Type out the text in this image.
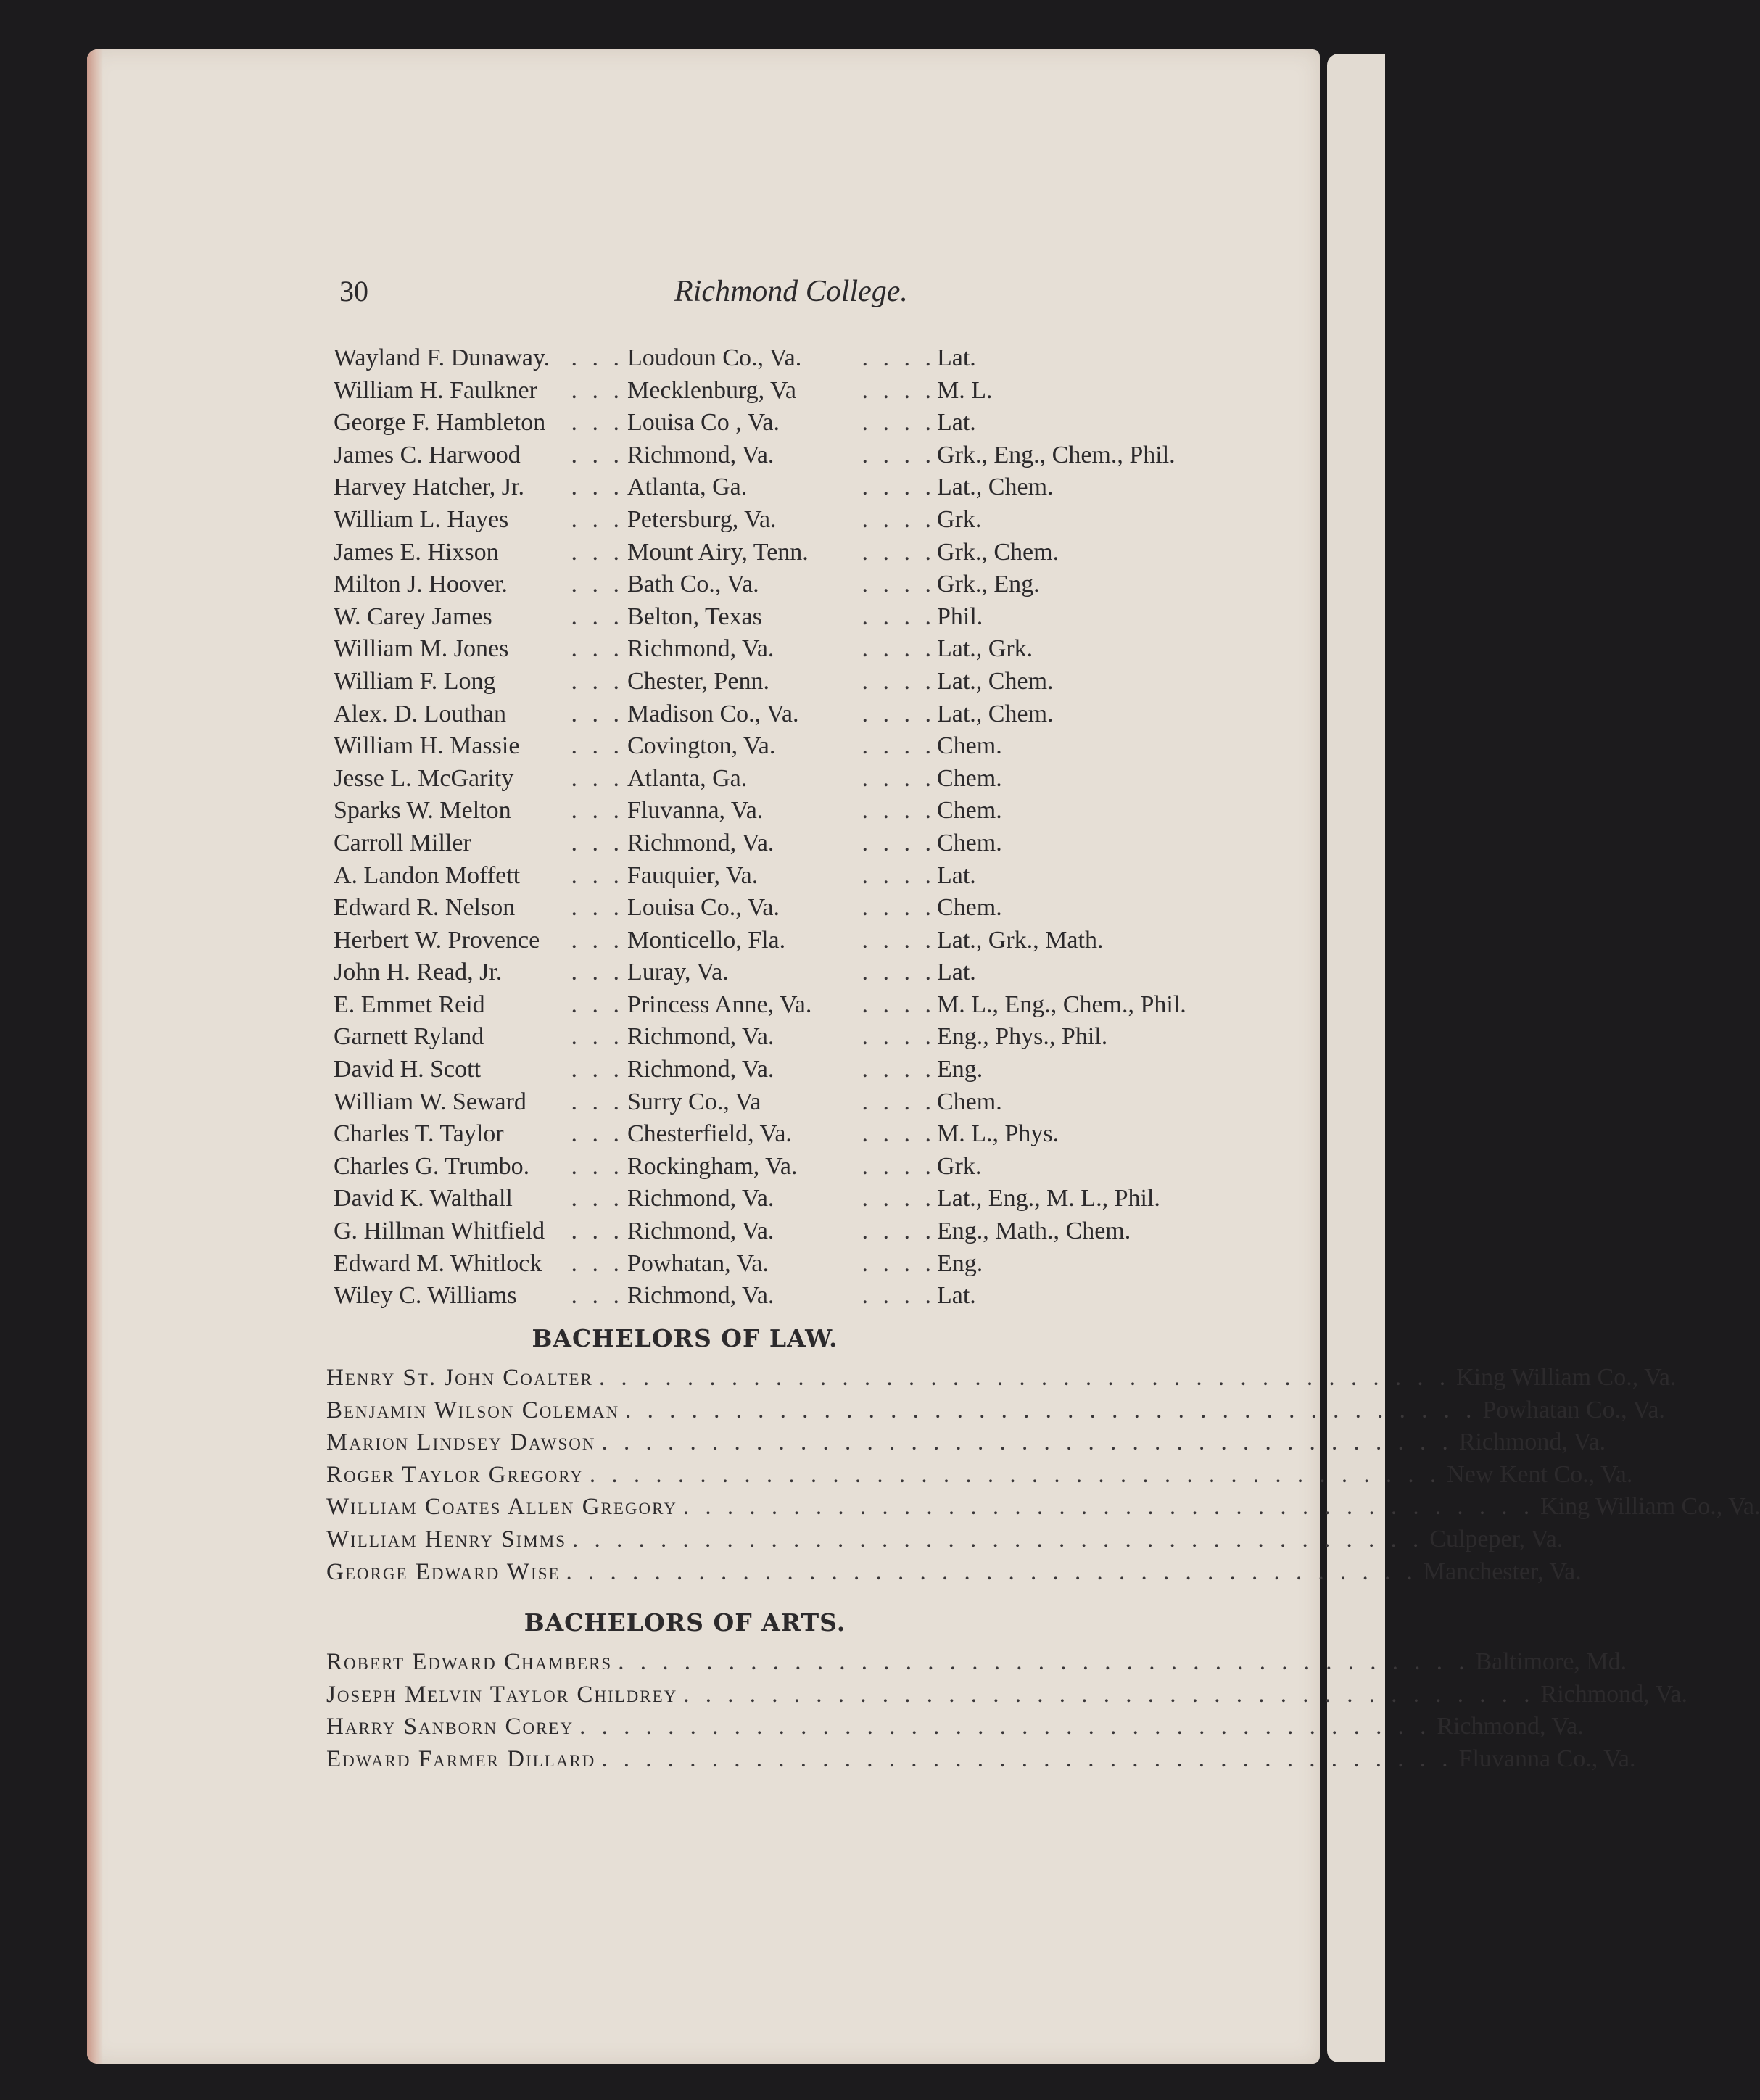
30	Richmond College.
Wayland F. Dunaway. . . . Loudoun Co., Va. . . . . Lat.
William H. Faulkner	. . . Mecklenburg, Va	. . . . M. L.
George F. Hambleton	. . . Louisa Co , Va.	. . . . Lat.
James C. Harwood	. . . Richmond, Va.	. . . . Grk., Eng., Chem., Phil.
Harvey Hatcher, Jr.	. . . Atlanta, Ga.	. . . . Lat., Chem.
William L. Hayes	. . . Petersburg, Va.	. . . . Grk.
James E. Hixson	. . . Mount Airy, Tenn. . . . . Grk., Chem.
Milton J. Hoover.	. . . Bath Co., Va.	. . . . Grk., Eng.
W. Carey James	. . . Belton, Texas	. . . . Phil.
William M. Jones	. . . Richmond, Va.	. . . . Lat., Grk.
William F. Long	. . . Chester, Penn.	. . . . Lat., Chem.
Alex. D. Louthan	. . . Madison Co., Va.	. . . . Lat., Chem.
William H. Massie	. . . Covington, Va.	. . . . Chem.
Jesse L. McGarity	. . . Atlanta, Ga.	. . . . Chem.
Sparks W. Melton	. . . Fluvanna, Va.	. . . . Chem.
Carroll Miller	. . . Richmond, Va.	. . . . Chem.
A. Landon Moffett	. . . Fauquier, Va.	. . . . Lat.
Edward R. Nelson	. . . Louisa Co., Va.	. . . . Chem.
Herbert W. Provence	. . . Monticello, Fla.	. . . . Lat., Grk., Math.
John H. Read, Jr.	. . . Luray, Va.	. . . . Lat.
E. Emmet Reid	. . . Princess Anne, Va. . . . . M. L., Eng., Chem., Phil.
Garnett Ryland	. . . Richmond, Va.	. . . . Eng., Phys., Phil.
David H. Scott	. . . Richmond, Va.	. . . . Eng.
William W. Seward	. . . Surry Co., Va	. . . . Chem.
Charles T. Taylor	. . . Chesterfield, Va.	. . . . M. L., Phys.
Charles G. Trumbo.	. . . Rockingham, Va.	. . . . Grk.
David K. Walthall	. . . Richmond, Va.	. . . . Lat., Eng., M. L., Phil.
G. Hillman Whitfield	. . . Richmond, Va.	. . . . Eng., Math., Chem.
Edward M. Whitlock	. . . Powhatan, Va.	. . . . Eng.
Wiley C. Williams	. . . Richmond, Va.	. . . . Lat.
BACHELORS OF LAW.
Henry St. John Coalter . . . . . . . . . . . . . . . . . . . . . . . . . . . . . . . . . . . . . . . King William Co., Va.
Benjamin Wilson Coleman . . . . . . . . . . . . . . . . . . . . . . . . . . . . . . . . . . . . . . . Powhatan Co., Va.
Marion Lindsey Dawson . . . . . . . . . . . . . . . . . . . . . . . . . . . . . . . . . . . . . . . Richmond, Va.
Roger Taylor Gregory . . . . . . . . . . . . . . . . . . . . . . . . . . . . . . . . . . . . . . . New Kent Co., Va.
William Coates Allen Gregory . . . . . . . . . . . . . . . . . . . . . . . . . . . . . . . . . . . . . . . King William Co., Va.
William Henry Simms . . . . . . . . . . . . . . . . . . . . . . . . . . . . . . . . . . . . . . . Culpeper, Va.
George Edward Wise . . . . . . . . . . . . . . . . . . . . . . . . . . . . . . . . . . . . . . . Manchester, Va.
BACHELORS OF ARTS.
Robert Edward Chambers . . . . . . . . . . . . . . . . . . . . . . . . . . . . . . . . . . . . . . . Baltimore, Md.
Joseph Melvin Taylor Childrey . . . . . . . . . . . . . . . . . . . . . . . . . . . . . . . . . . . . . . . Richmond, Va.
Harry Sanborn Corey . . . . . . . . . . . . . . . . . . . . . . . . . . . . . . . . . . . . . . . Richmond, Va.
Edward Farmer Dillard . . . . . . . . . . . . . . . . . . . . . . . . . . . . . . . . . . . . . . . Fluvanna Co., Va.
